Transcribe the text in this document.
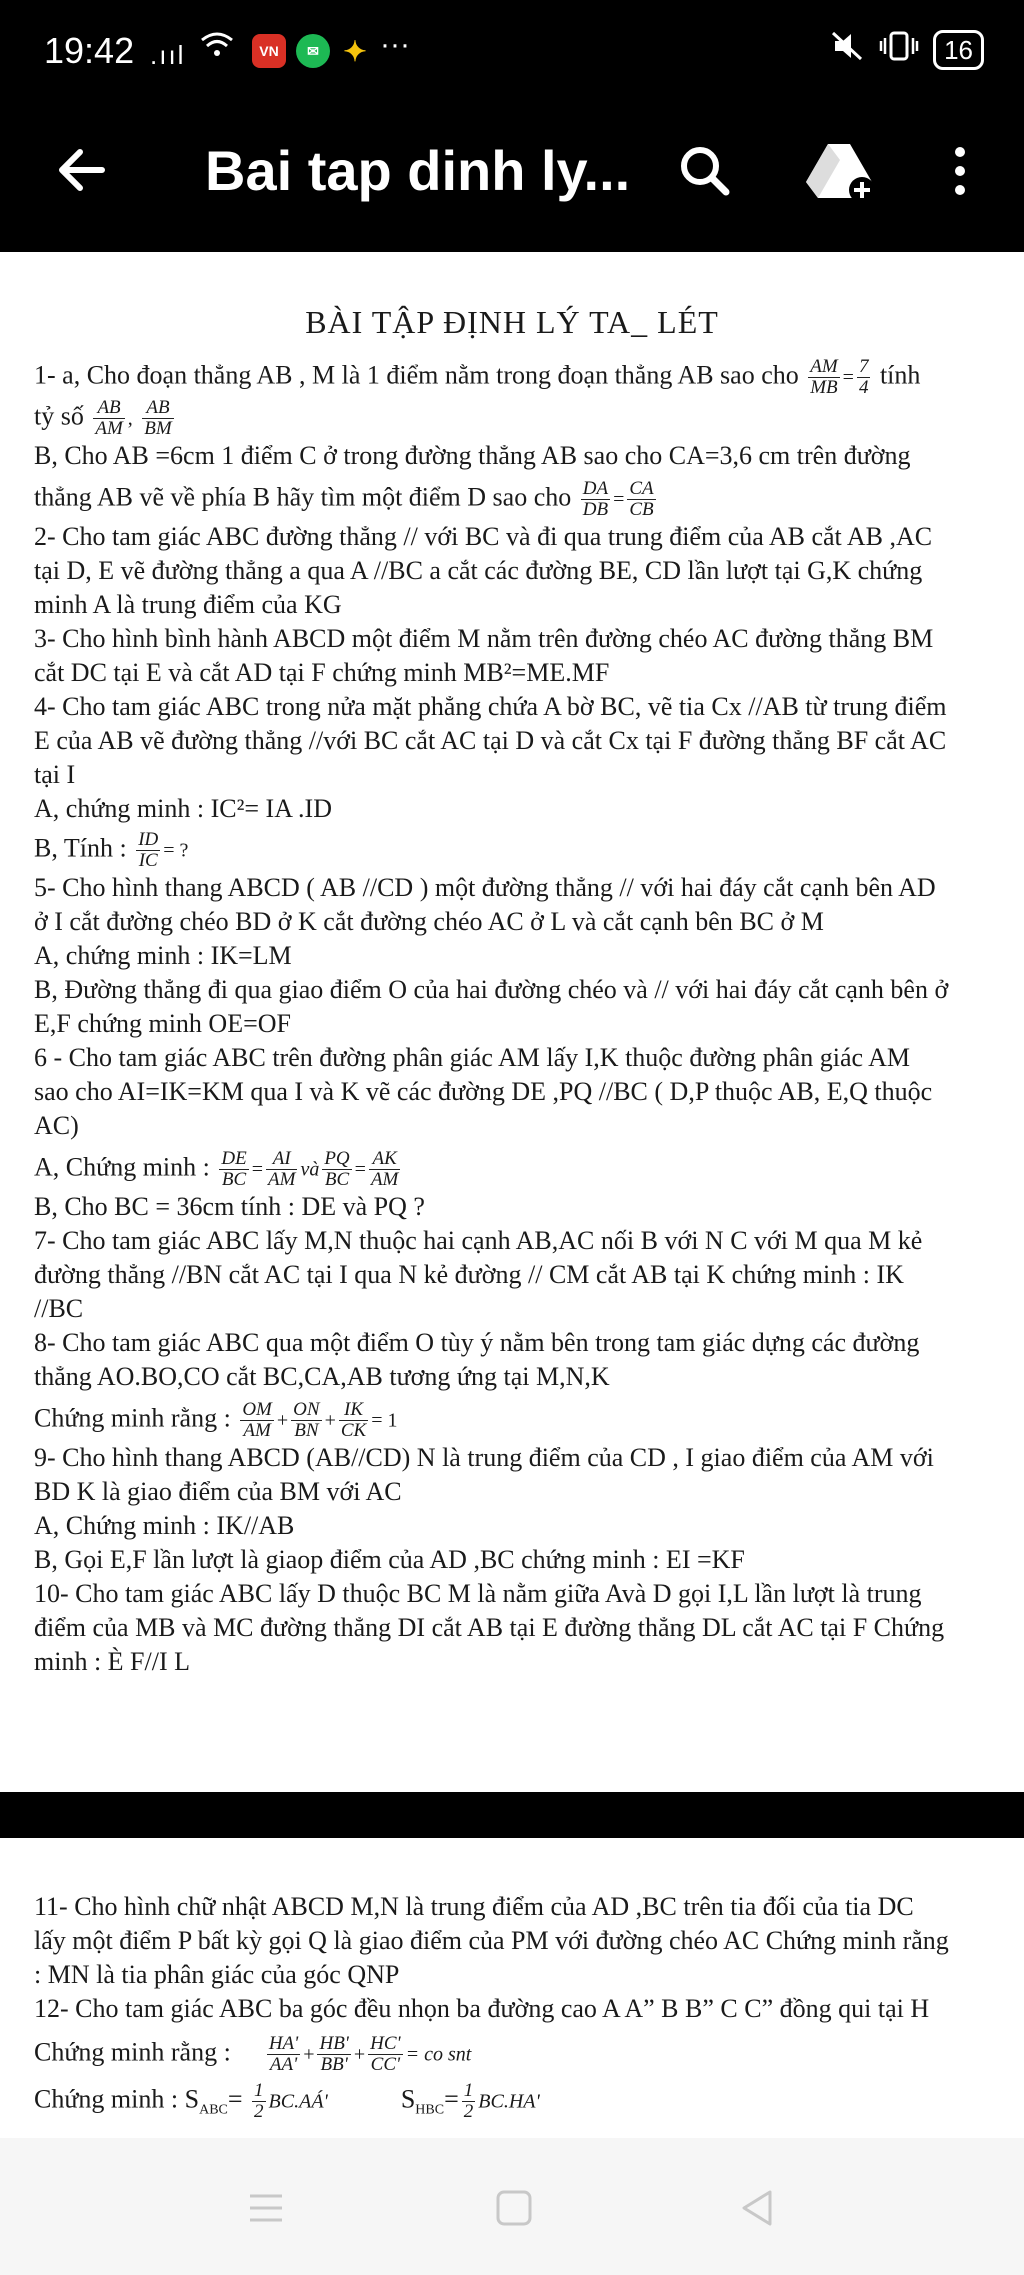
19:42 .ııl	VN	✉ ✦ ···	16
Bai tap dinh ly...
BÀI TẬP ĐỊNH LÝ TA_ LÉT
1- a, Cho đoạn thẳng AB , M là 1 điểm nằm trong đoạn thẳng AB sao cho $\frac{AM}{MB} = \frac{7}{4}$ tính
tỷ số $\frac{AB}{AM}$ , $\frac{AB}{BM}$
B, Cho AB =6cm 1 điểm C ở trong đường thẳng AB sao cho CA=3,6 cm trên đường
thẳng AB vẽ về phía B hãy tìm một điểm D sao cho $\frac{DA}{DB} = \frac{CA}{CB}$
2- Cho tam giác ABC đường thẳng // với BC và đi qua trung điểm của AB cắt AB ,AC
tại D, E vẽ đường thẳng a qua A //BC a cắt các đường BE, CD lần lượt tại G,K chứng
minh A là trung điểm của KG
3- Cho hình bình hành ABCD một điểm M nằm trên đường chéo AC đường thẳng BM
cắt DC tại E và cắt AD tại F chứng minh MB²=ME.MF
4- Cho tam giác ABC trong nửa mặt phẳng chứa A bờ BC, vẽ tia Cx //AB từ trung điểm
E của AB vẽ đường thẳng //với BC cắt AC tại D và cắt Cx tại F đường thẳng BF cắt AC
tại I
A, chứng minh : IC²= IA .ID
B, Tính : $\frac{ID}{IC}$ = ?
5- Cho hình thang ABCD ( AB //CD ) một đường thẳng // với hai đáy cắt cạnh bên AD
ở I cắt đường chéo BD ở K cắt đường chéo AC ở L và cắt cạnh bên BC ở M
A, chứng minh : IK=LM
B, Đường thẳng đi qua giao điểm O của hai đường chéo và // với hai đáy cắt cạnh bên ở
E,F chứng minh OE=OF
6 - Cho tam giác ABC trên đường phân giác AM lấy I,K thuộc đường phân giác AM
sao cho AI=IK=KM qua I và K vẽ các đường DE ,PQ //BC ( D,P thuộc AB, E,Q thuộc
AC)
A, Chứng minh : $\frac{DE}{BC} = \frac{AI}{AM}$ và $\frac{PQ}{BC} = \frac{AK}{AM}$
B, Cho BC = 36cm tính : DE và PQ ?
7- Cho tam giác ABC lấy M,N thuộc hai cạnh AB,AC nối B với N C với M qua M kẻ
đường thẳng //BN cắt AC tại I qua N kẻ đường // CM cắt AB tại K chứng minh : IK
//BC
8- Cho tam giác ABC qua một điểm O tùy ý nằm bên trong tam giác dựng các đường
thẳng AO.BO,CO cắt BC,CA,AB tương ứng tại M,N,K
Chứng minh rằng : $\frac{OM}{AM} + \frac{ON}{BN} + \frac{IK}{CK} = 1$
9- Cho hình thang ABCD (AB//CD) N là trung điểm của CD , I giao điểm của AM với
BD K là giao điểm của BM với AC
A, Chứng minh : IK//AB
B, Gọi E,F lần lượt là giaop điểm của AD ,BC chứng minh : EI =KF
10- Cho tam giác ABC lấy D thuộc BC M là nằm giữa Avà D gọi I,L lần lượt là trung
điểm của MB và MC đường thẳng DI cắt AB tại E đường thẳng DL cắt AC tại F Chứng
minh : È F//I L
11- Cho hình chữ nhật ABCD M,N là trung điểm của AD ,BC trên tia đối của tia DC
lấy một điểm P bất kỳ gọi Q là giao điểm của PM với đường chéo AC Chứng minh rằng
: MN là tia phân giác của góc QNP
12- Cho tam giác ABC ba góc đều nhọn ba đường cao A A” B B” C C” đồng qui tại H
Chứng minh rằng : $\frac{HA'}{AA'} + \frac{HB'}{BB'} + \frac{HC'}{CC'}$ = co snt
Chứng minh : $S_{ABC}= \frac{1}{2}$ BC.AÁ'	$S_{HBC}= \frac{1}{2} BC.HA'$
